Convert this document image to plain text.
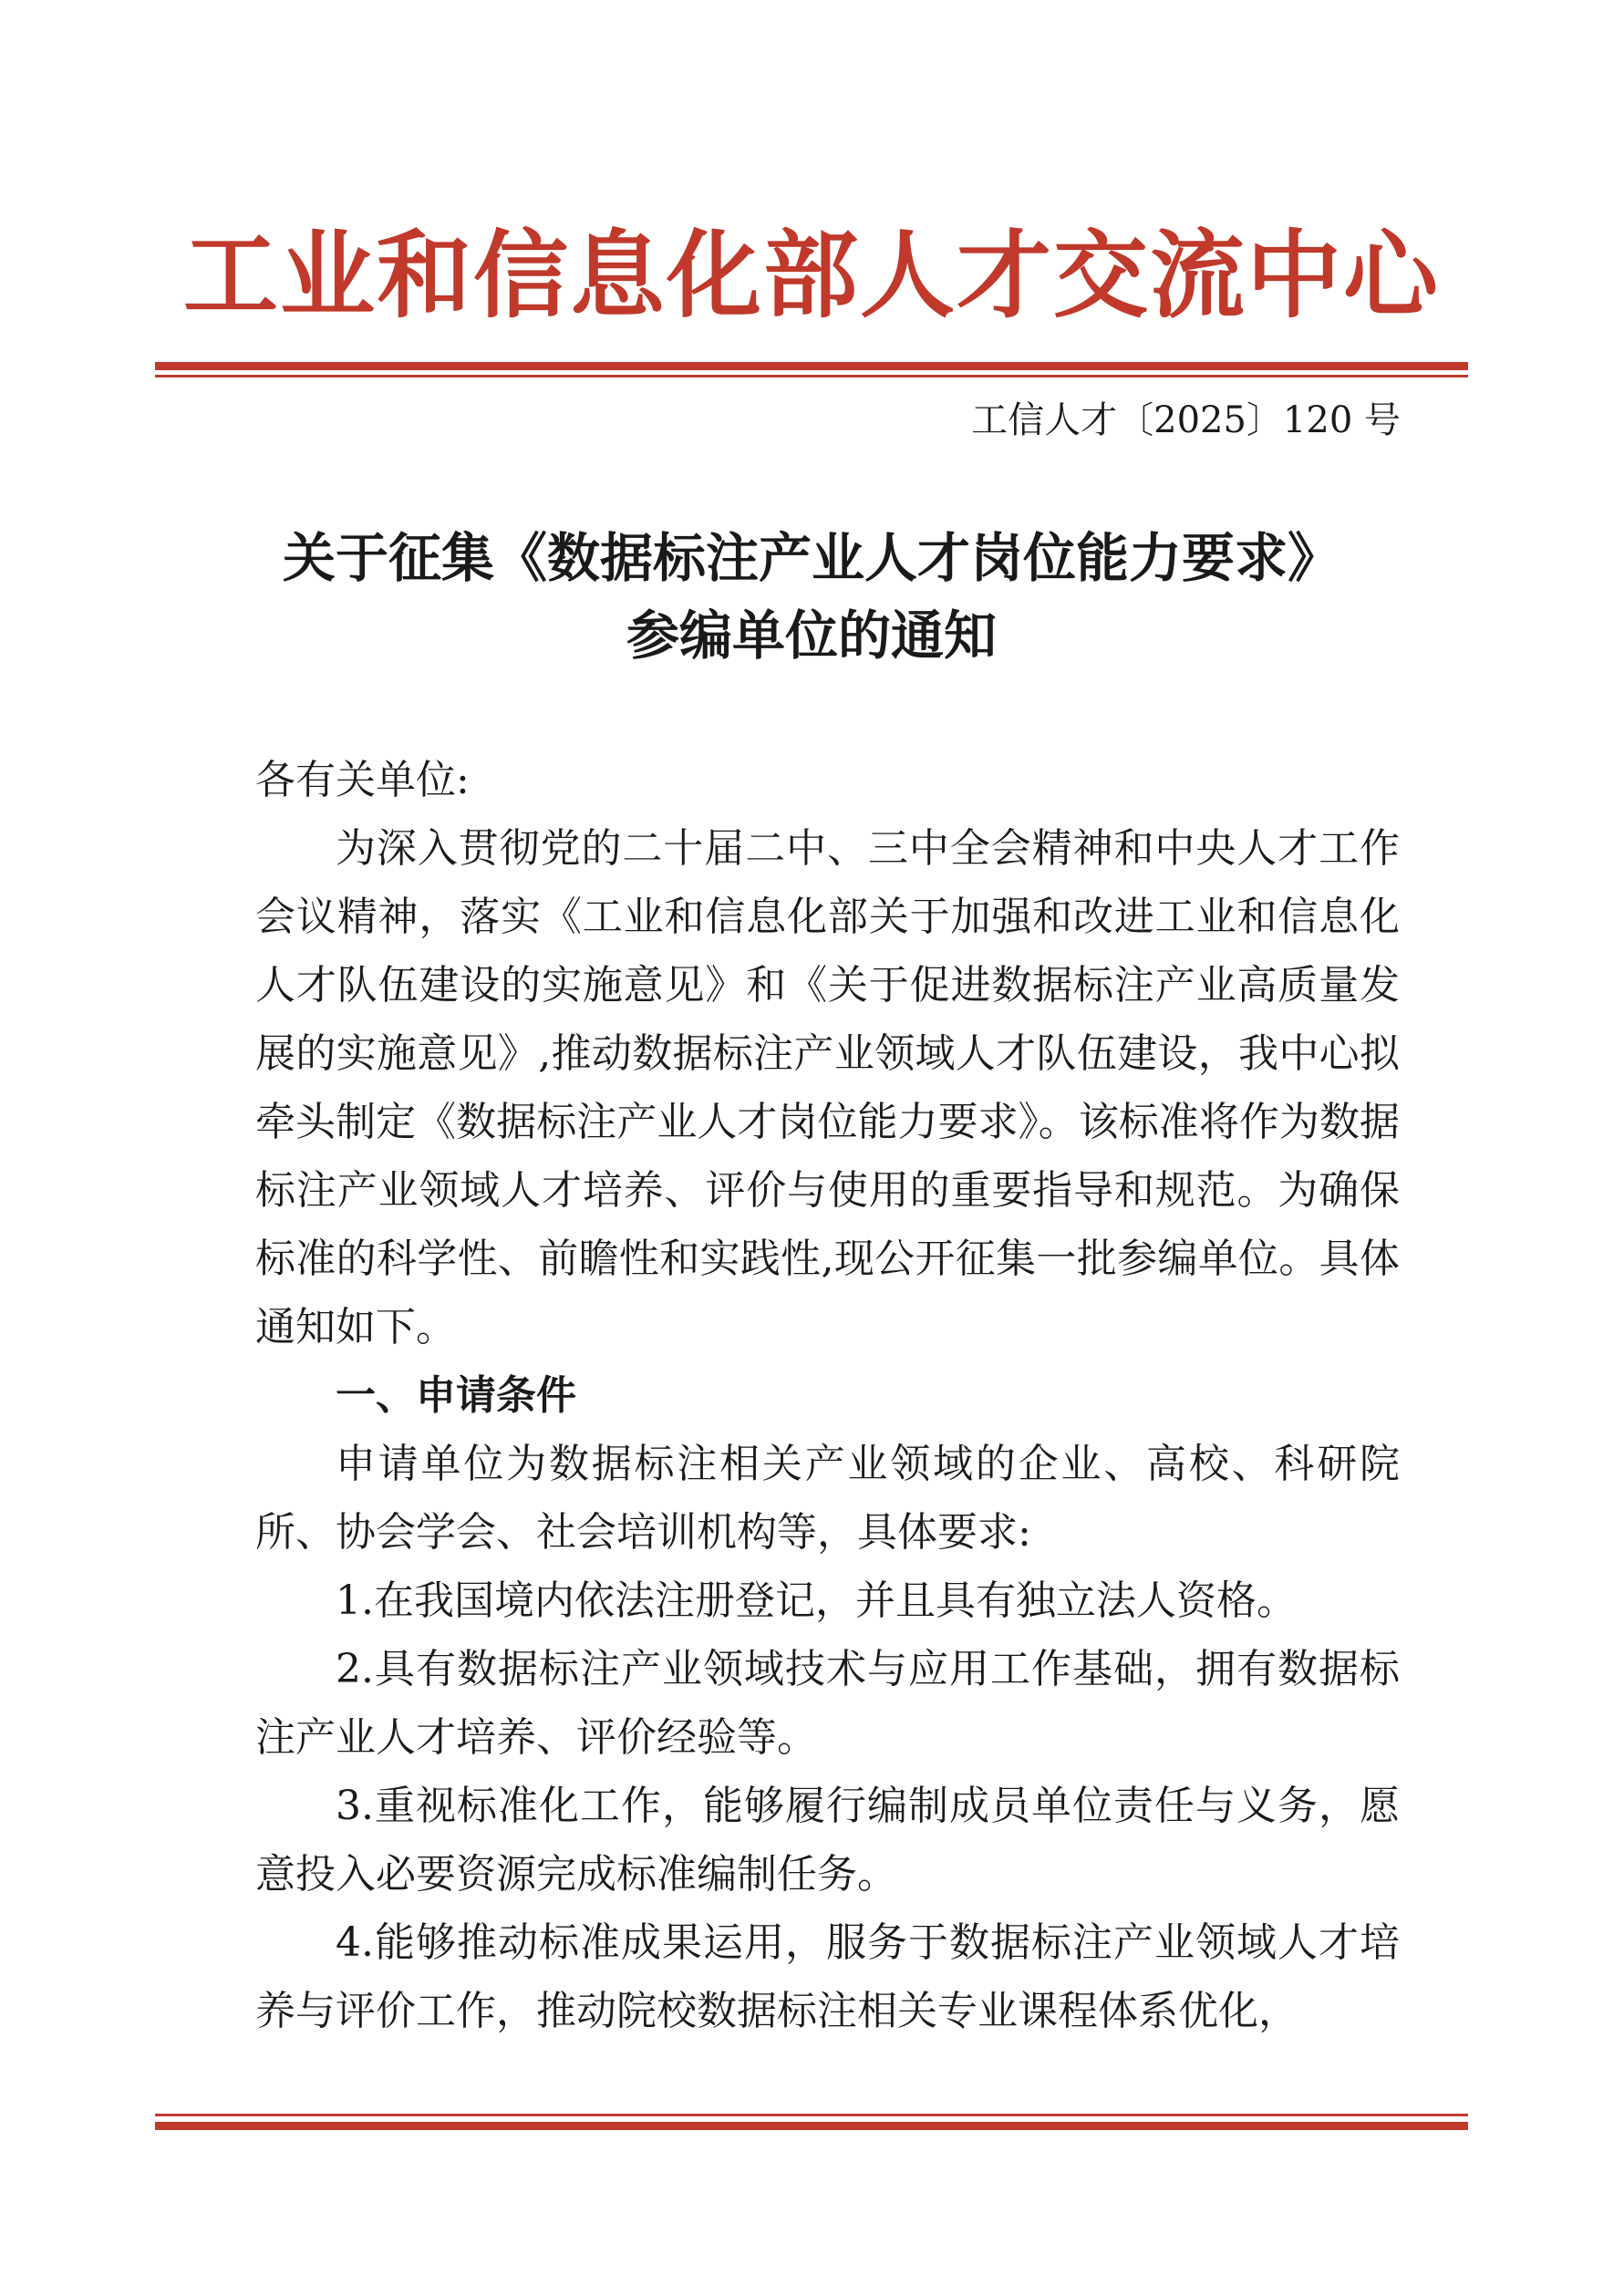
工业和信息化部人才交流中心
工信人才〔2025〕120 号
关于征集《数据标注产业人才岗位能力要求》
参编单位的通知
各有关单位:

为深入贯彻党的二十届二中、三中全会精神和中央人才工作会议精神，落实《工业和信息化部关于加强和改进工业和信息化人才队伍建设的实施意见》和《关于促进数据标注产业高质量发展的实施意见》,推动数据标注产业领域人才队伍建设，我中心拟牵头制定《数据标注产业人才岗位能力要求》。该标准将作为数据标注产业领域人才培养、评价与使用的重要指导和规范。为确保标准的科学性、前瞻性和实践性,现公开征集一批参编单位。具体通知如下。

一、申请条件

申请单位为数据标注相关产业领域的企业、高校、科研院所、协会学会、社会培训机构等，具体要求:

1.在我国境内依法注册登记，并且具有独立法人资格。

2.具有数据标注产业领域技术与应用工作基础，拥有数据标注产业人才培养、评价经验等。

3.重视标准化工作，能够履行编制成员单位责任与义务，愿意投入必要资源完成标准编制任务。

4.能够推动标准成果运用，服务于数据标注产业领域人才培养与评价工作，推动院校数据标注相关专业课程体系优化，
